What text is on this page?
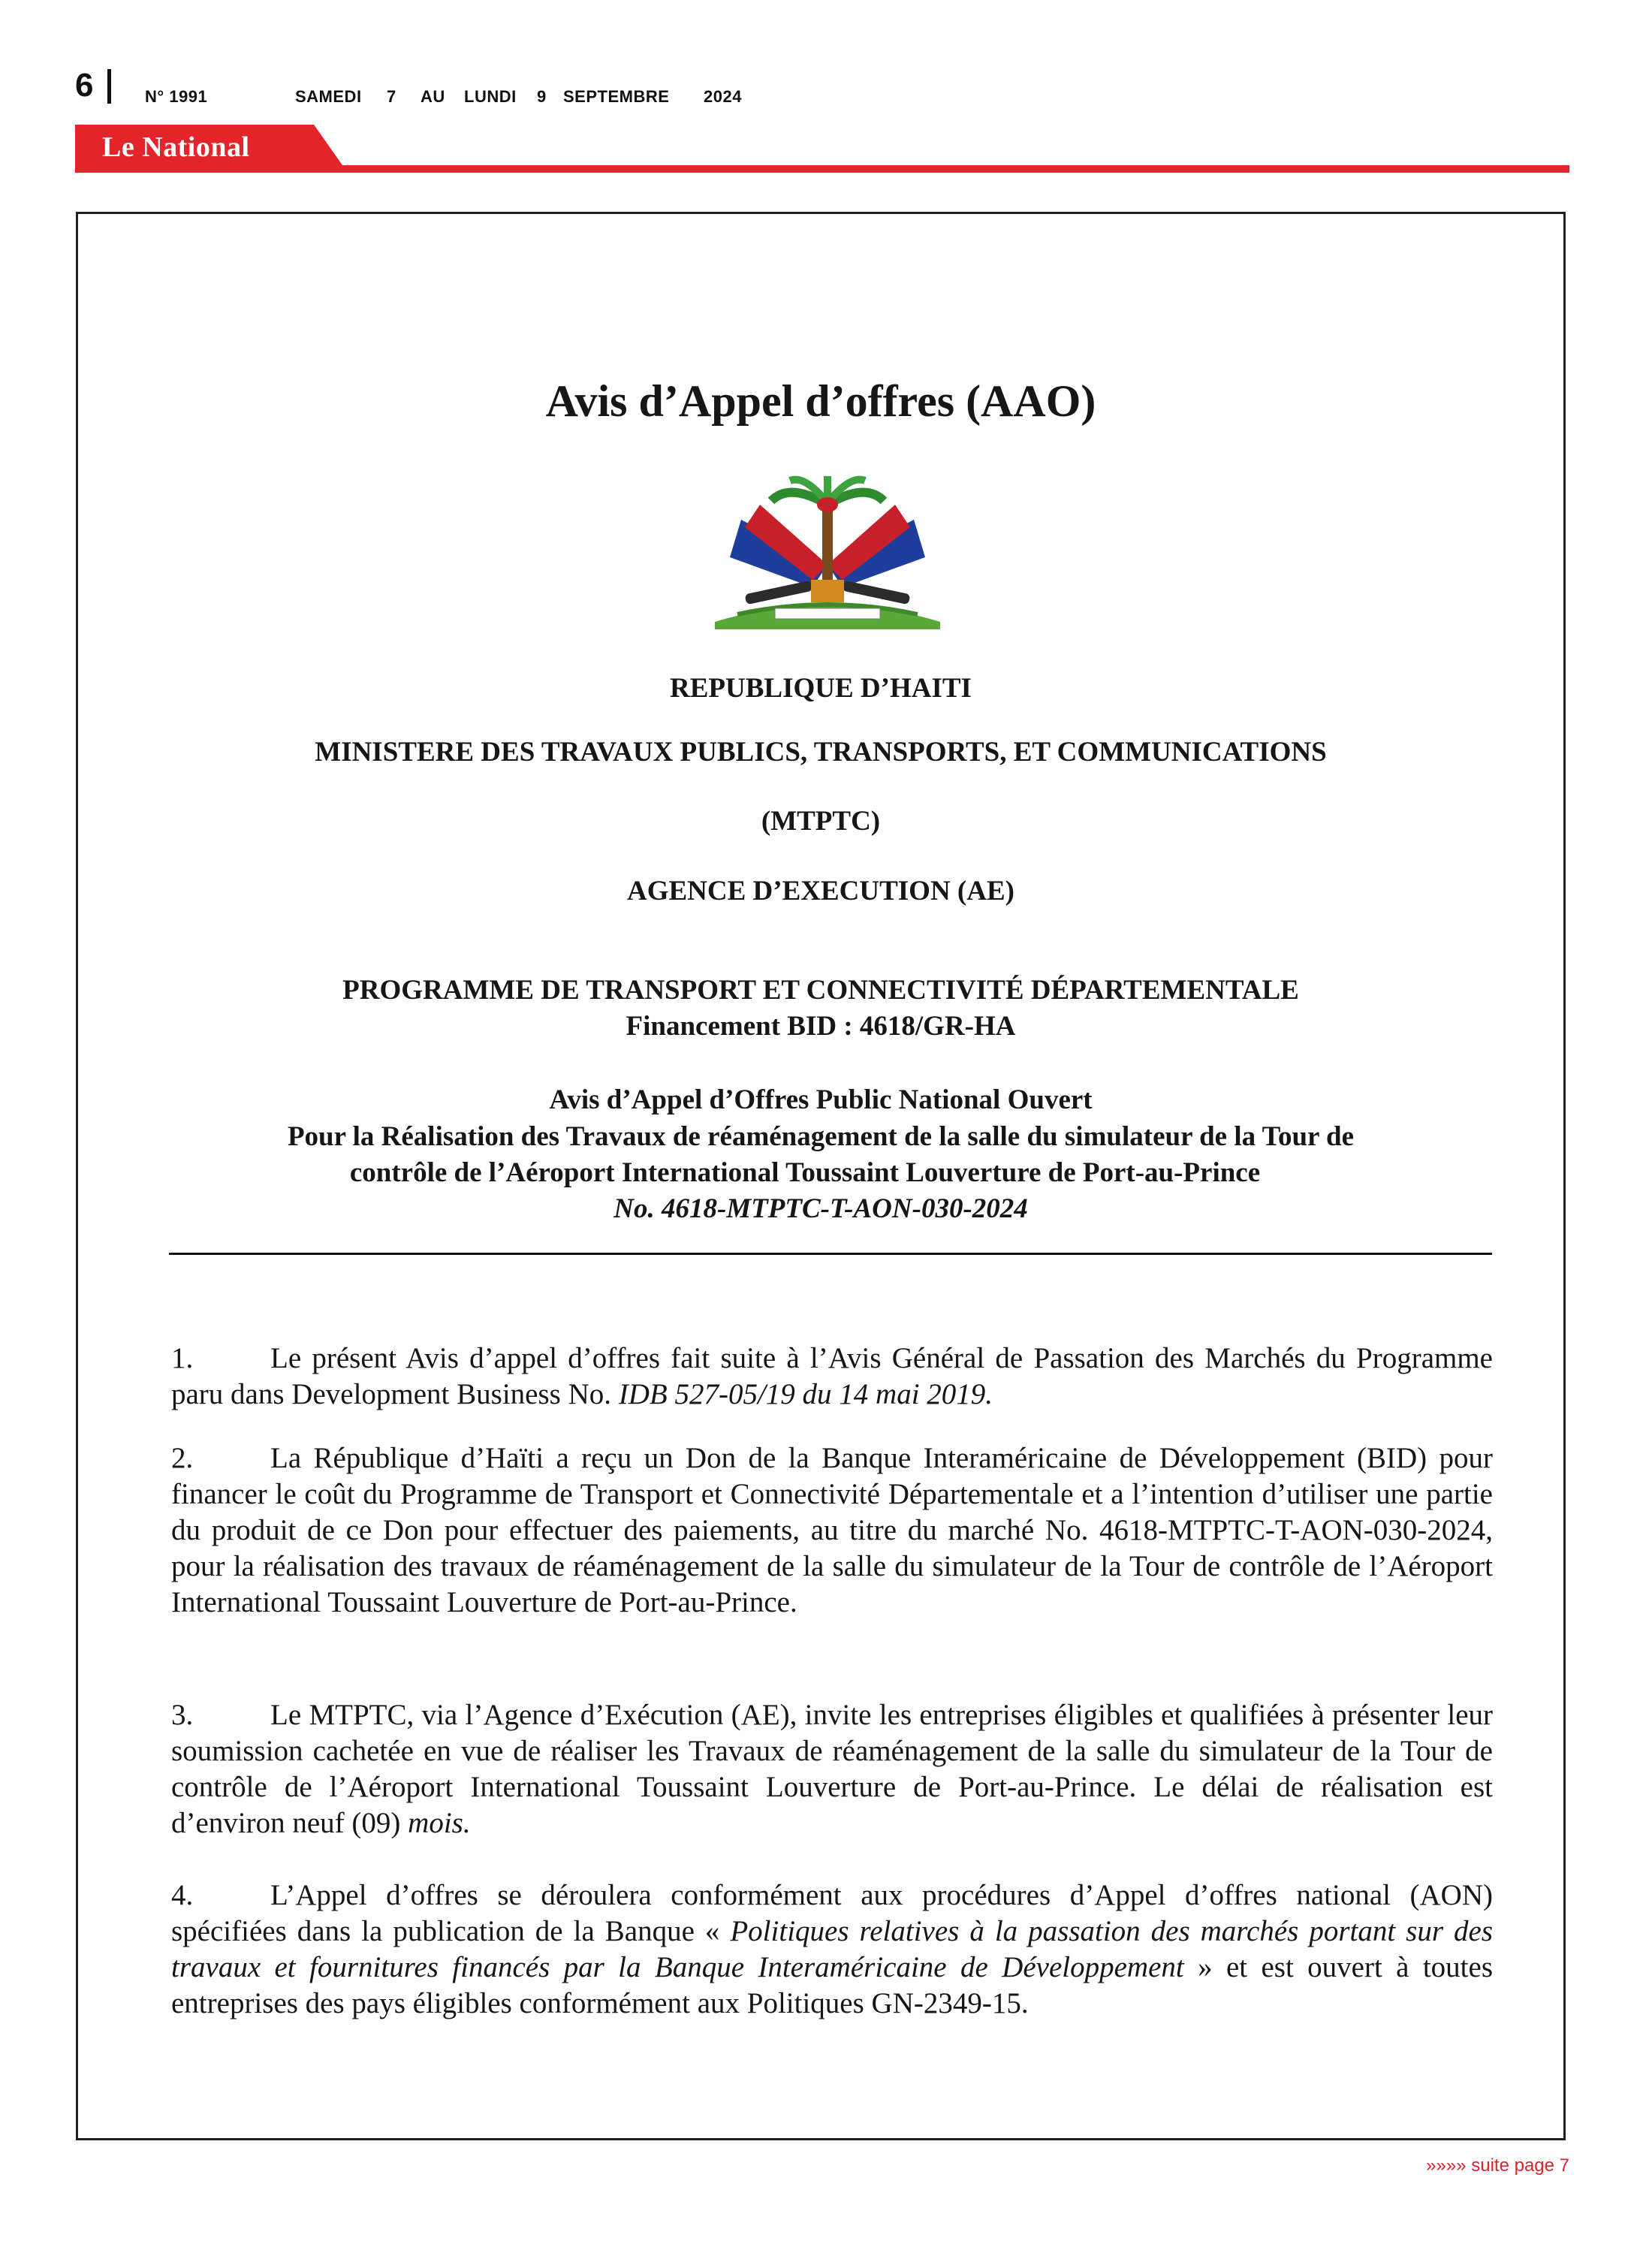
6	N° 1991	SAMEDI 7 AU LUNDI 9 SEPTEMBRE 2024
Le National
Avis d’Appel d’offres (AAO)
REPUBLIQUE D’HAITI
MINISTERE DES TRAVAUX PUBLICS, TRANSPORTS, ET COMMUNICATIONS
(MTPTC)
AGENCE D’EXECUTION (AE)
PROGRAMME DE TRANSPORT ET CONNECTIVITÉ DÉPARTEMENTALE
Financement BID : 4618/GR-HA
Avis d’Appel d’Offres Public National Ouvert
Pour la Réalisation des Travaux de réaménagement de la salle du simulateur de la Tour de
contrôle de l’Aéroport International Toussaint Louverture de Port-au-Prince
No. 4618-MTPTC-T-AON-030-2024
1.	Le présent Avis d’appel d’offres fait suite à l’Avis Général de Passation des Marchés du Programme paru dans Development Business No. IDB 527-05/19 du 14 mai 2019.
2.	La République d’Haïti a reçu un Don de la Banque Interaméricaine de Développement (BID) pour financer le coût du Programme de Transport et Connectivité Départementale et a l’intention d’utiliser une partie du produit de ce Don pour effectuer des paiements, au titre du marché No. 4618-MTPTC-T-AON-030-2024, pour la réalisation des travaux de réaménagement de la salle du simulateur de la Tour de contrôle de l’Aéroport International Toussaint Louverture de Port-au-Prince.
3.	Le MTPTC, via l’Agence d’Exécution (AE), invite les entreprises éligibles et qualifiées à présenter leur soumission cachetée en vue de réaliser les Travaux de réaménagement de la salle du simulateur de la Tour de contrôle de l’Aéroport International Toussaint Louverture de Port-au-Prince. Le délai de réalisation est d’environ neuf (09) mois.
4.	L’Appel d’offres se déroulera conformément aux procédures d’Appel d’offres national (AON) spécifiées dans la publication de la Banque « Politiques relatives à la passation des marchés portant sur des travaux et fournitures financés par la Banque Interaméricaine de Développement » et est ouvert à toutes entreprises des pays éligibles conformément aux Politiques GN-2349-15.
»»»» suite page 7
